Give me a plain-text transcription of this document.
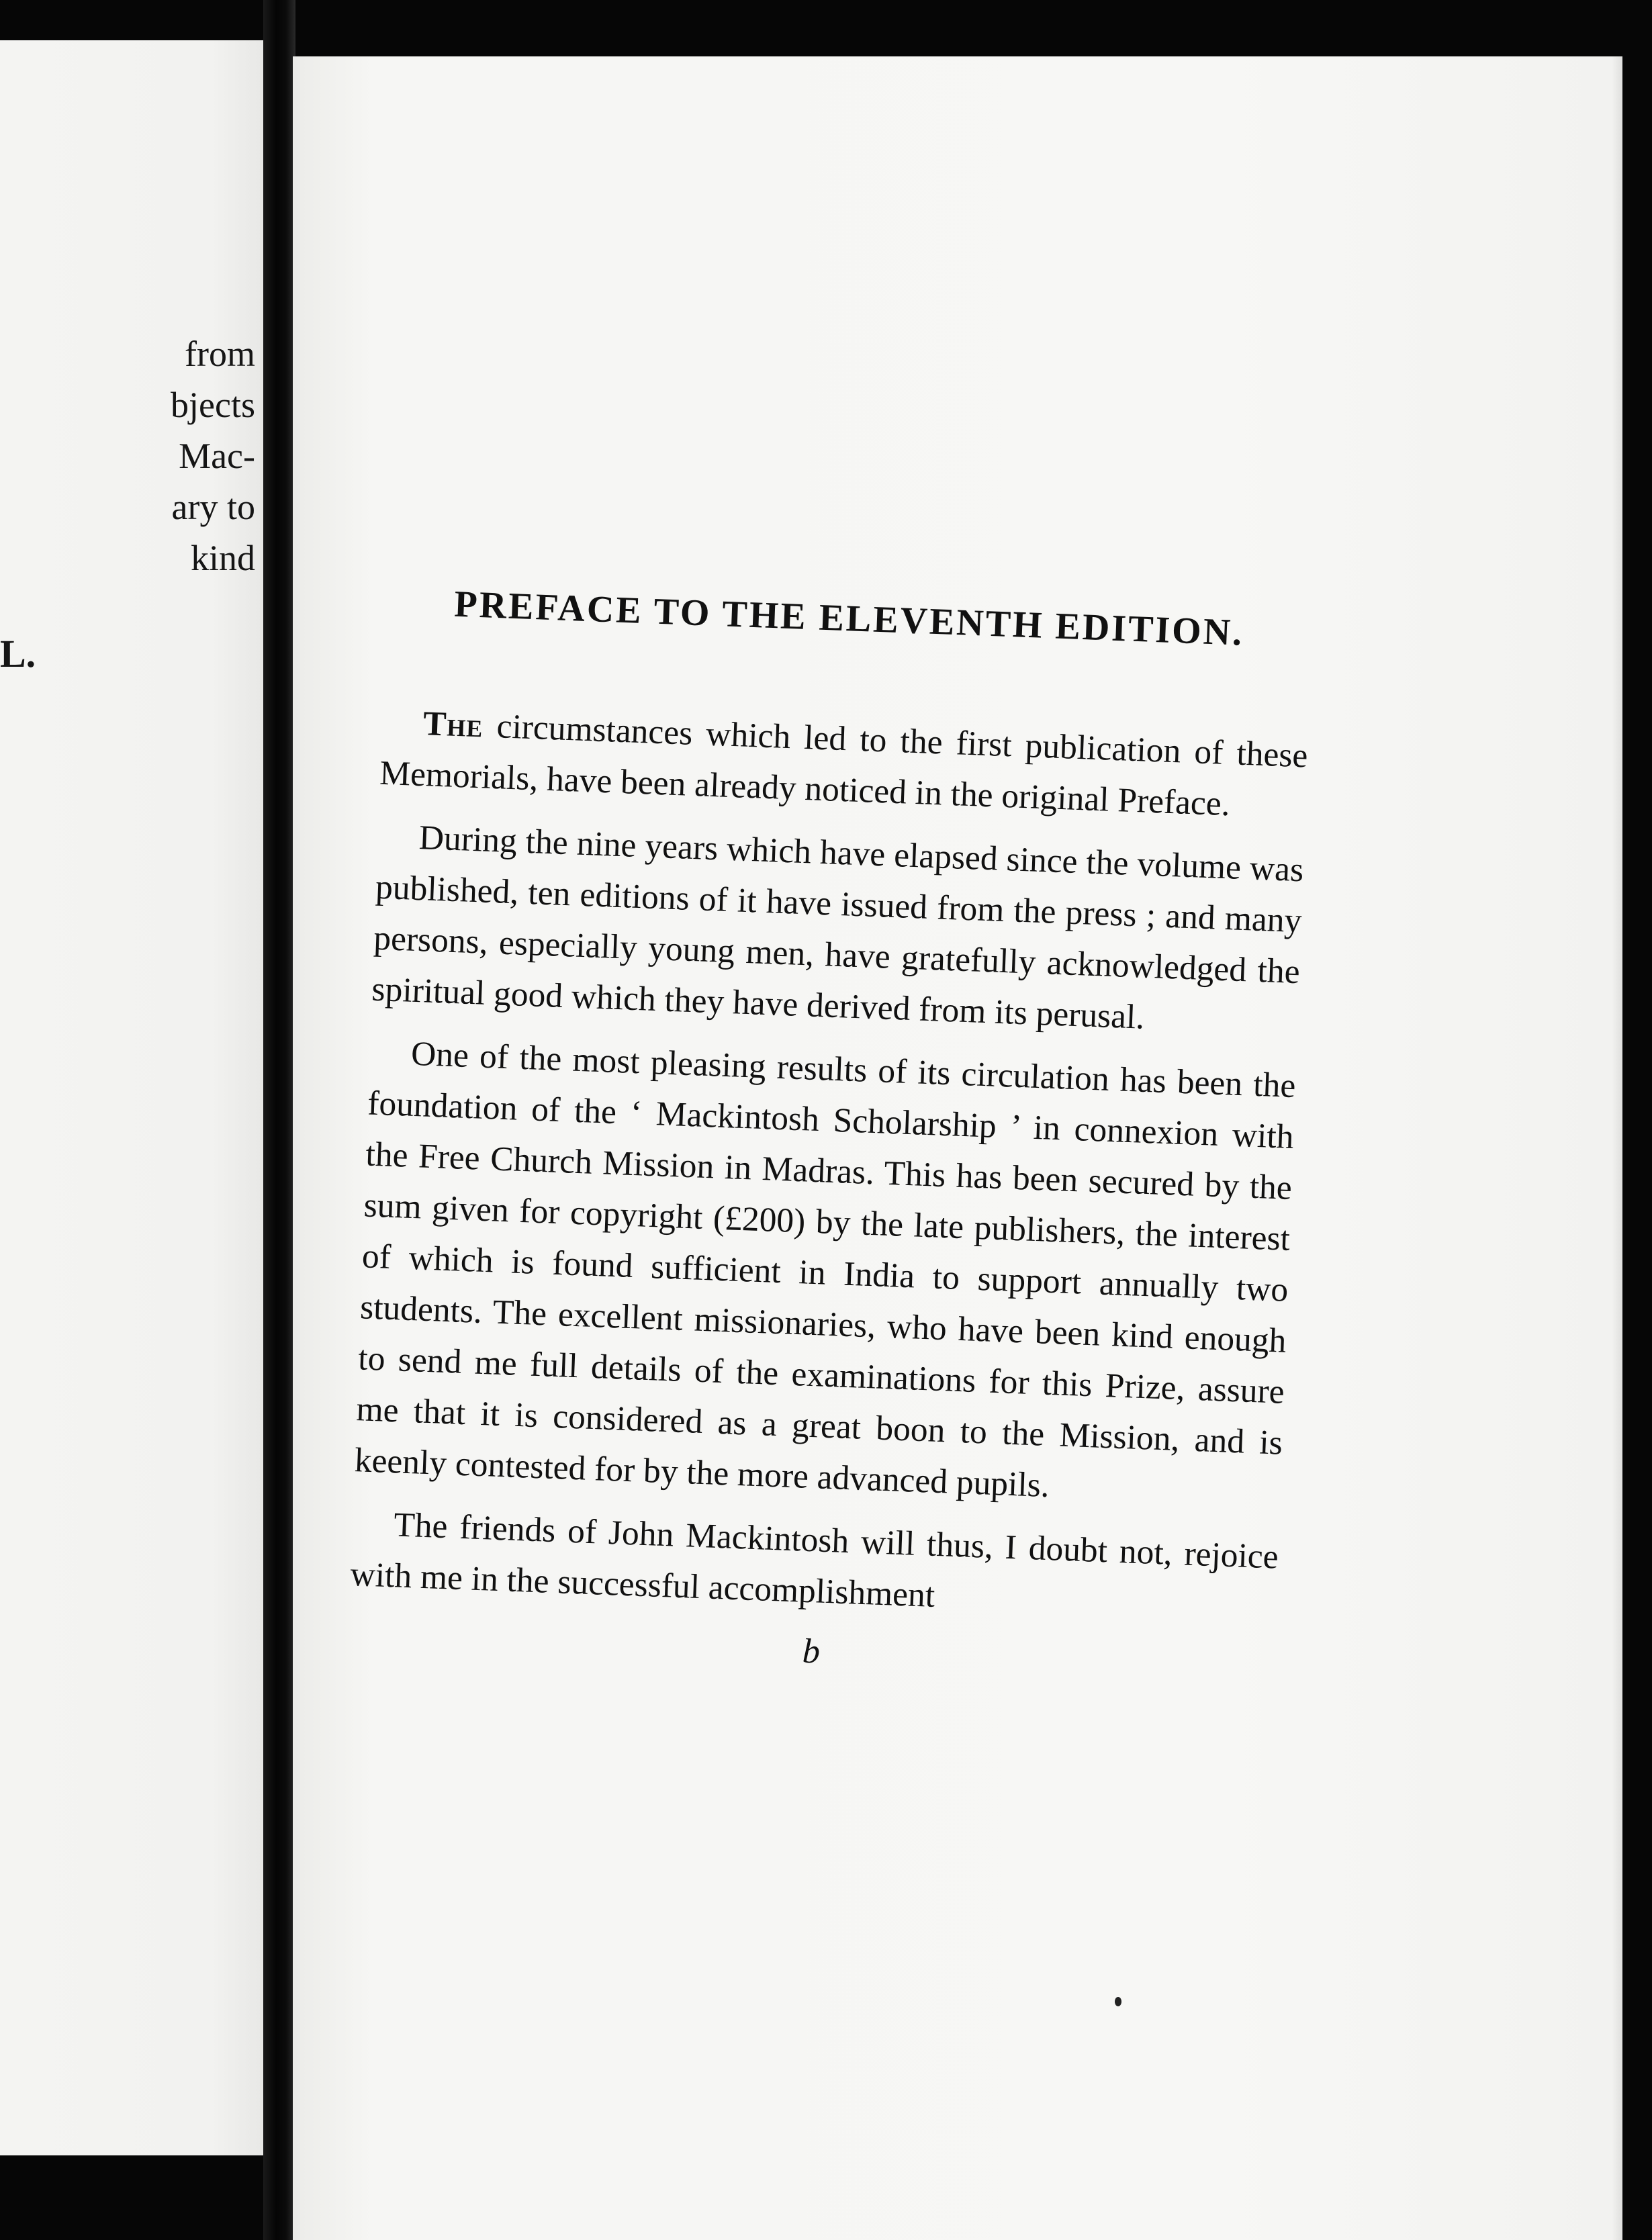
from
bjects
Mac-
ary to
kind
L.

	PREFACE TO THE ELEVENTH EDITION.

The circumstances which led to the first publication of these Memorials, have been already noticed in the original Preface.

During the nine years which have elapsed since the volume was published, ten editions of it have issued from the press ; and many persons, especially young men, have gratefully acknowledged the spiritual good which they have derived from its perusal.

One of the most pleasing results of its circulation has been the foundation of the ‘ Mackintosh Scholarship ’ in connexion with the Free Church Mission in Madras. This has been secured by the sum given for copyright (£200) by the late publishers, the interest of which is found sufficient in India to support annually two students. The excellent missionaries, who have been kind enough to send me full details of the examinations for this Prize, assure me that it is considered as a great boon to the Mission, and is keenly contested for by the more advanced pupils.

The friends of John Mackintosh will thus, I doubt not, rejoice with me in the successful accomplishment

b
